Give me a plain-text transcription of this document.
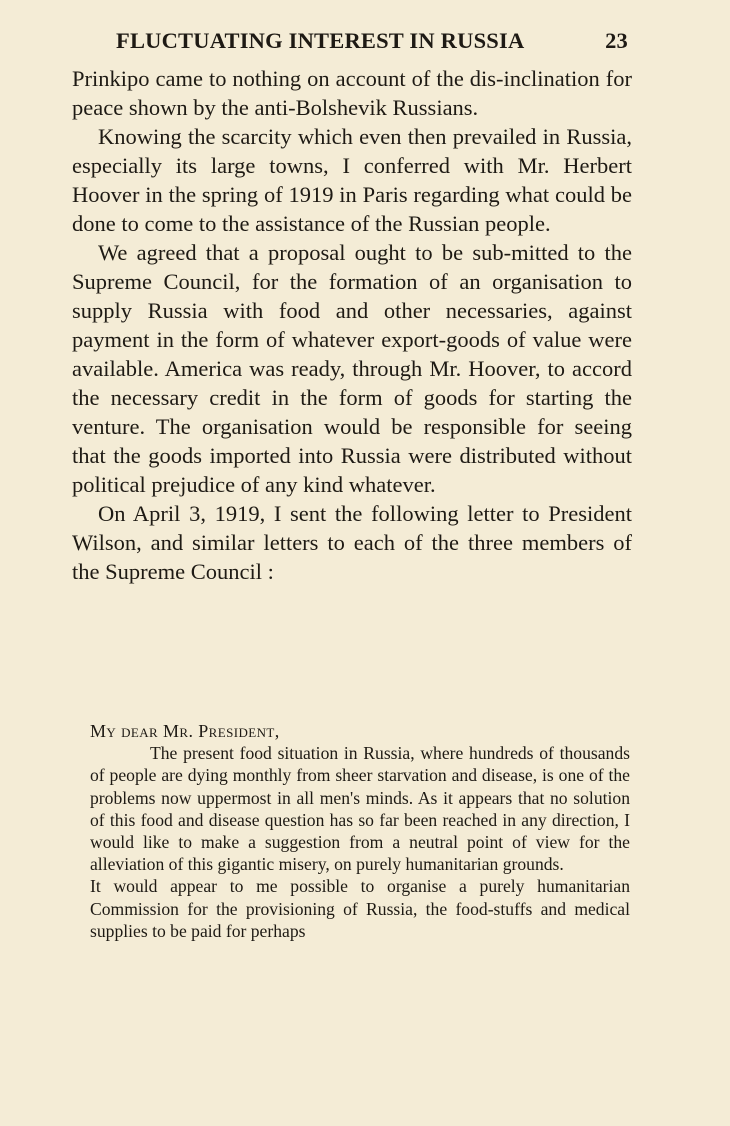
FLUCTUATING INTEREST IN RUSSIA	23

Prinkipo came to nothing on account of the dis-inclination for peace shown by the anti-Bolshevik Russians.

Knowing the scarcity which even then prevailed in Russia, especially its large towns, I conferred with Mr. Herbert Hoover in the spring of 1919 in Paris regarding what could be done to come to the assistance of the Russian people.

We agreed that a proposal ought to be sub-mitted to the Supreme Council, for the formation of an organisation to supply Russia with food and other necessaries, against payment in the form of whatever export-goods of value were available. America was ready, through Mr. Hoover, to accord the necessary credit in the form of goods for starting the venture. The organisation would be responsible for seeing that the goods imported into Russia were distributed without political prejudice of any kind whatever.

On April 3, 1919, I sent the following letter to President Wilson, and similar letters to each of the three members of the Supreme Council :

My dear Mr. President,

The present food situation in Russia, where hundreds of thousands of people are dying monthly from sheer starvation and disease, is one of the problems now uppermost in all men's minds. As it appears that no solution of this food and disease question has so far been reached in any direction, I would like to make a suggestion from a neutral point of view for the alleviation of this gigantic misery, on purely humanitarian grounds.

It would appear to me possible to organise a purely humanitarian Commission for the provisioning of Russia, the food-stuffs and medical supplies to be paid for perhaps
